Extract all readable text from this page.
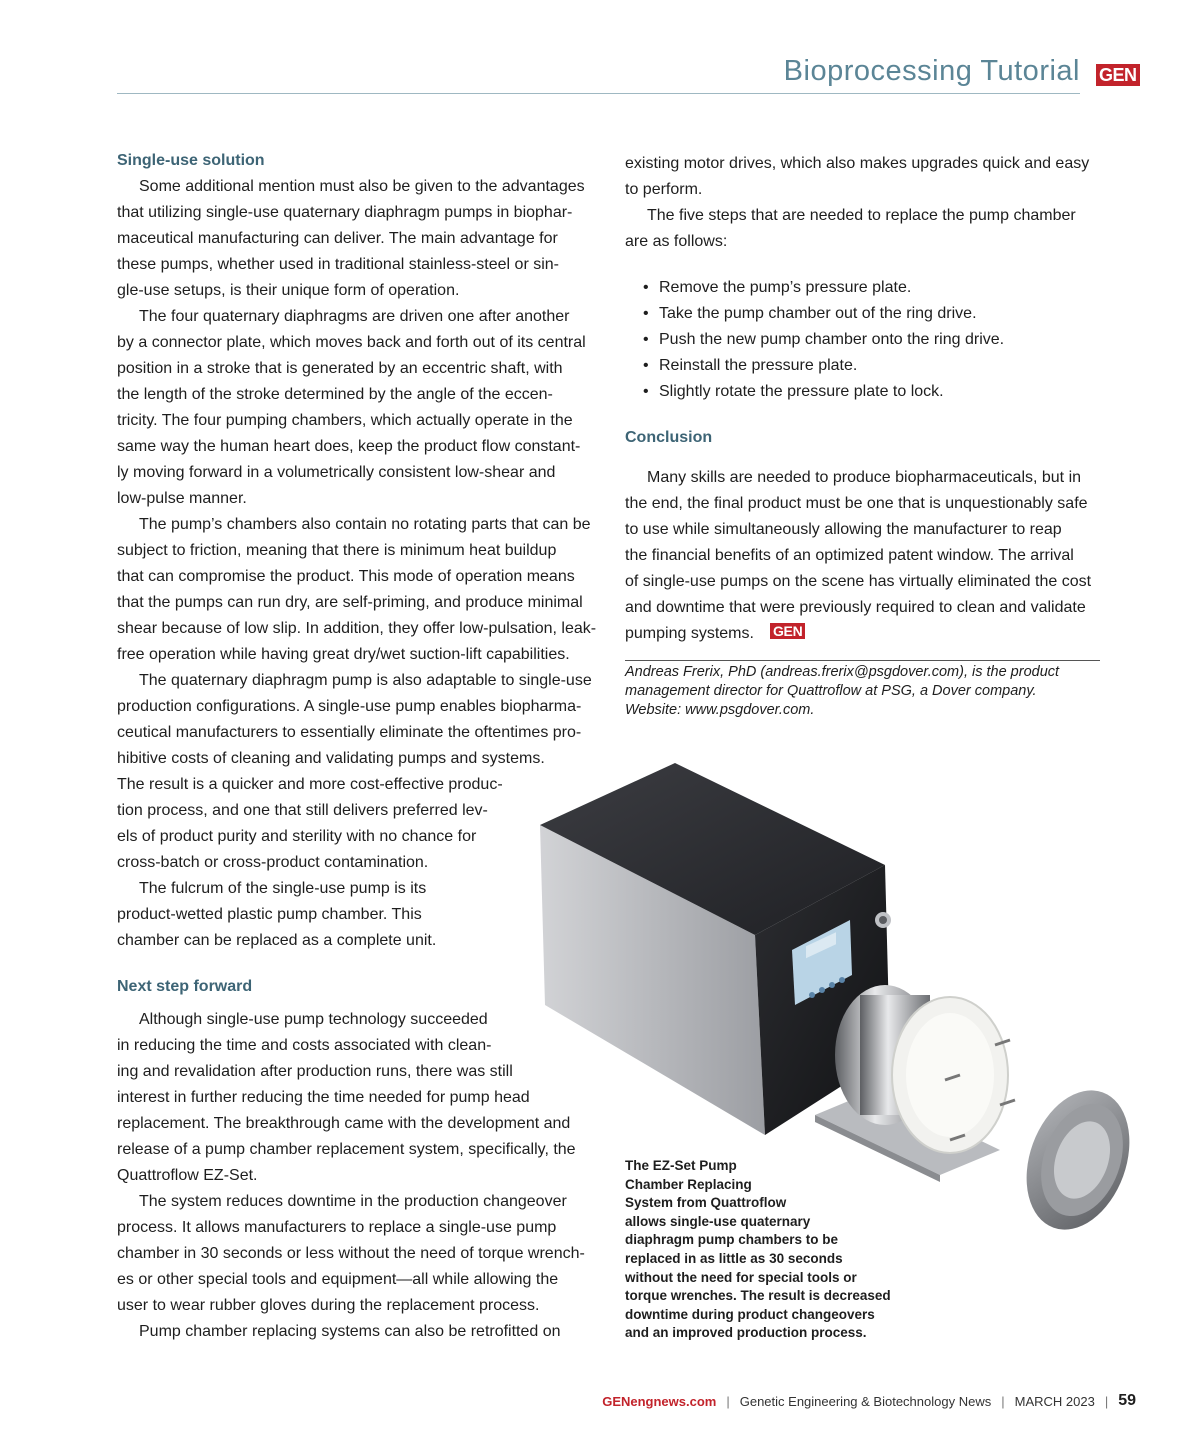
Bioprocessing Tutorial GEN
Single-use solution
Some additional mention must also be given to the advantages
that utilizing single-use quaternary diaphragm pumps in biophar-
maceutical manufacturing can deliver. The main advantage for
these pumps, whether used in traditional stainless-steel or sin-
gle-use setups, is their unique form of operation.
The four quaternary diaphragms are driven one after another
by a connector plate, which moves back and forth out of its central
position in a stroke that is generated by an eccentric shaft, with
the length of the stroke determined by the angle of the eccen-
tricity. The four pumping chambers, which actually operate in the
same way the human heart does, keep the product flow constant-
ly moving forward in a volumetrically consistent low-shear and
low-pulse manner.
The pump’s chambers also contain no rotating parts that can be
subject to friction, meaning that there is minimum heat buildup
that can compromise the product. This mode of operation means
that the pumps can run dry, are self-priming, and produce minimal
shear because of low slip. In addition, they offer low-pulsation, leak-
free operation while having great dry/wet suction-lift capabilities.
The quaternary diaphragm pump is also adaptable to single-use
production configurations. A single-use pump enables biopharma-
ceutical manufacturers to essentially eliminate the oftentimes pro-
hibitive costs of cleaning and validating pumps and systems.
The result is a quicker and more cost-effective produc-
tion process, and one that still delivers preferred lev-
els of product purity and sterility with no chance for
cross-batch or cross-product contamination.
The fulcrum of the single-use pump is its
product-wetted plastic pump chamber. This
chamber can be replaced as a complete unit.
Next step forward
Although single-use pump technology succeeded
in reducing the time and costs associated with clean-
ing and revalidation after production runs, there was still
interest in further reducing the time needed for pump head
replacement. The breakthrough came with the development and
release of a pump chamber replacement system, specifically, the
Quattroflow EZ-Set.
The system reduces downtime in the production changeover
process. It allows manufacturers to replace a single-use pump
chamber in 30 seconds or less without the need of torque wrench-
es or other special tools and equipment—all while allowing the
user to wear rubber gloves during the replacement process.
Pump chamber replacing systems can also be retrofitted on
existing motor drives, which also makes upgrades quick and easy
to perform.
The five steps that are needed to replace the pump chamber
are as follows:
• Remove the pump’s pressure plate.
• Take the pump chamber out of the ring drive.
• Push the new pump chamber onto the ring drive.
• Reinstall the pressure plate.
• Slightly rotate the pressure plate to lock.
Conclusion
Many skills are needed to produce biopharmaceuticals, but in
the end, the final product must be one that is unquestionably safe
to use while simultaneously allowing the manufacturer to reap
the financial benefits of an optimized patent window. The arrival
of single-use pumps on the scene has virtually eliminated the cost
and downtime that were previously required to clean and validate
pumping systems. GEN
Andreas Frerix, PhD (andreas.frerix@psgdover.com), is the product
management director for Quattroflow at PSG, a Dover company.
Website: www.psgdover.com.
The EZ-Set Pump
Chamber Replacing
System from Quattroflow
allows single-use quaternary
diaphragm pump chambers to be
replaced in as little as 30 seconds
without the need for special tools or
torque wrenches. The result is decreased
downtime during product changeovers
and an improved production process.
GENengnews.com | Genetic Engineering & Biotechnology News | MARCH 2023 | 59
